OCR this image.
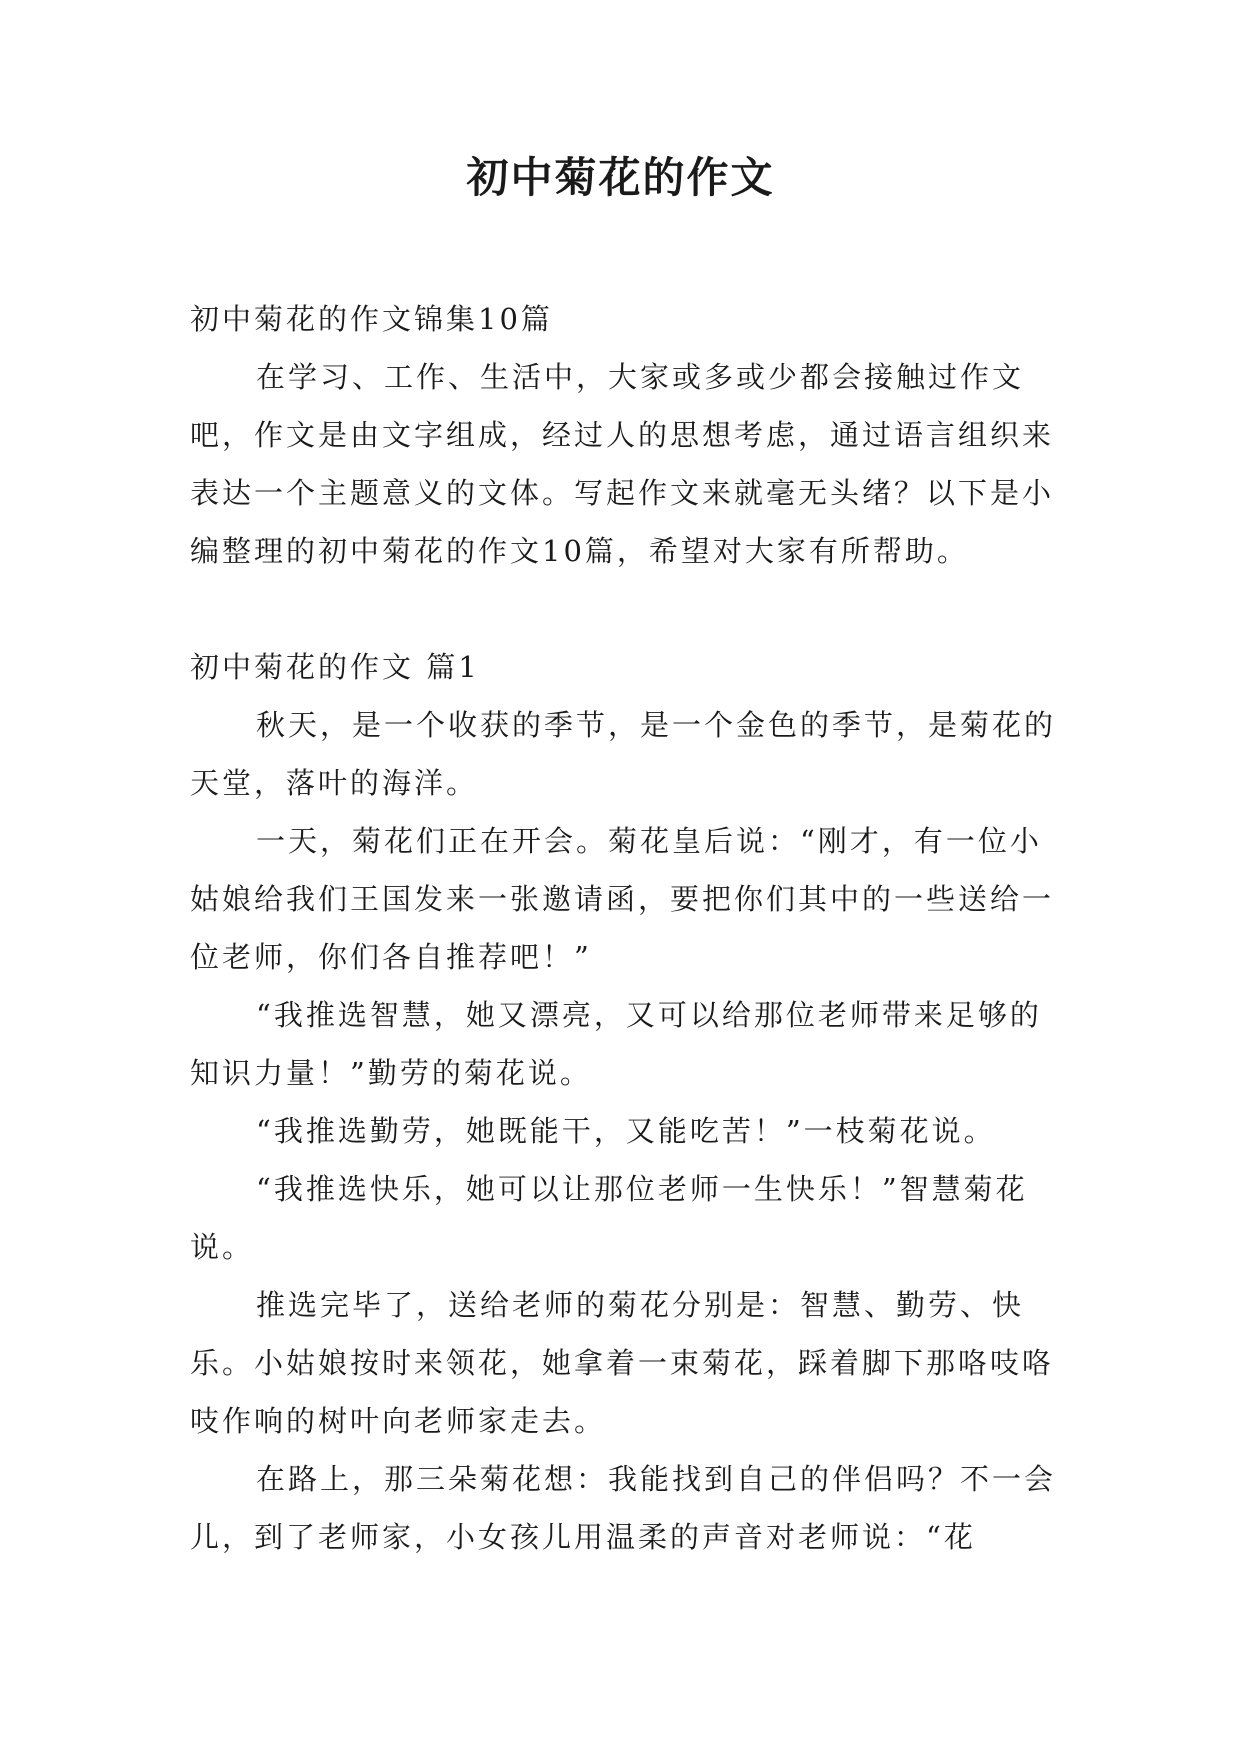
初中菊花的作文

初中菊花的作文锦集10篇

在学习、工作、生活中，大家或多或少都会接触过作文吧，作文是由文字组成，经过人的思想考虑，通过语言组织来表达一个主题意义的文体。写起作文来就毫无头绪？以下是小编整理的初中菊花的作文10篇，希望对大家有所帮助。

初中菊花的作文 篇1

秋天，是一个收获的季节，是一个金色的季节，是菊花的天堂，落叶的海洋。

一天，菊花们正在开会。菊花皇后说：“刚才，有一位小姑娘给我们王国发来一张邀请函，要把你们其中的一些送给一位老师，你们各自推荐吧！”

“我推选智慧，她又漂亮，又可以给那位老师带来足够的知识力量！”勤劳的菊花说。

“我推选勤劳，她既能干，又能吃苦！”一枝菊花说。

“我推选快乐，她可以让那位老师一生快乐！”智慧菊花说。

推选完毕了，送给老师的菊花分别是：智慧、勤劳、快乐。小姑娘按时来领花，她拿着一束菊花，踩着脚下那咯吱咯吱作响的树叶向老师家走去。

在路上，那三朵菊花想：我能找到自己的伴侣吗？不一会儿，到了老师家，小女孩儿用温柔的声音对老师说：“花
